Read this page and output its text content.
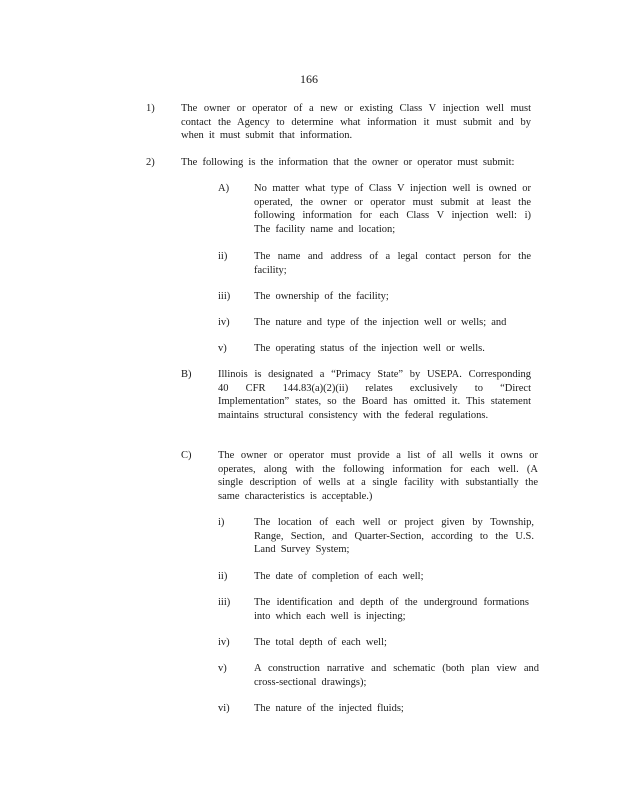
166
1)	The owner or operator of a new or existing Class V injection well must contact the Agency to determine what information it must submit and by when it must submit that information.
2)	The following is the information that the owner or operator must submit:
A) No matter what type of Class V injection well is owned or operated, the owner or operator must submit at least the following information for each Class V injection well: i) The facility name and location;
ii)	The name and address of a legal contact person for the facility;
iii) The ownership of the facility;
iv) The nature and type of the injection well or wells; and
v)	The operating status of the injection well or wells.
B)	Illinois is designated a “Primacy State” by USEPA. Corresponding 40 CFR 144.83(a)(2)(ii) relates exclusively to “Direct Implementation” states, so the Board has omitted it. This statement maintains structural consistency with the federal regulations.
C)	The owner or operator must provide a list of all wells it owns or operates, along with the following information for each well. (A single description of wells at a single facility with substantially the same characteristics is acceptable.)
i)	The location of each well or project given by Township, Range, Section, and Quarter-Section, according to the U.S. Land Survey System;
ii)	The date of completion of each well;
iii) The identification and depth of the underground formations into which each well is injecting;
iv) The total depth of each well;
v)	A construction narrative and schematic (both plan view and cross-sectional drawings);
vi) The nature of the injected fluids;
